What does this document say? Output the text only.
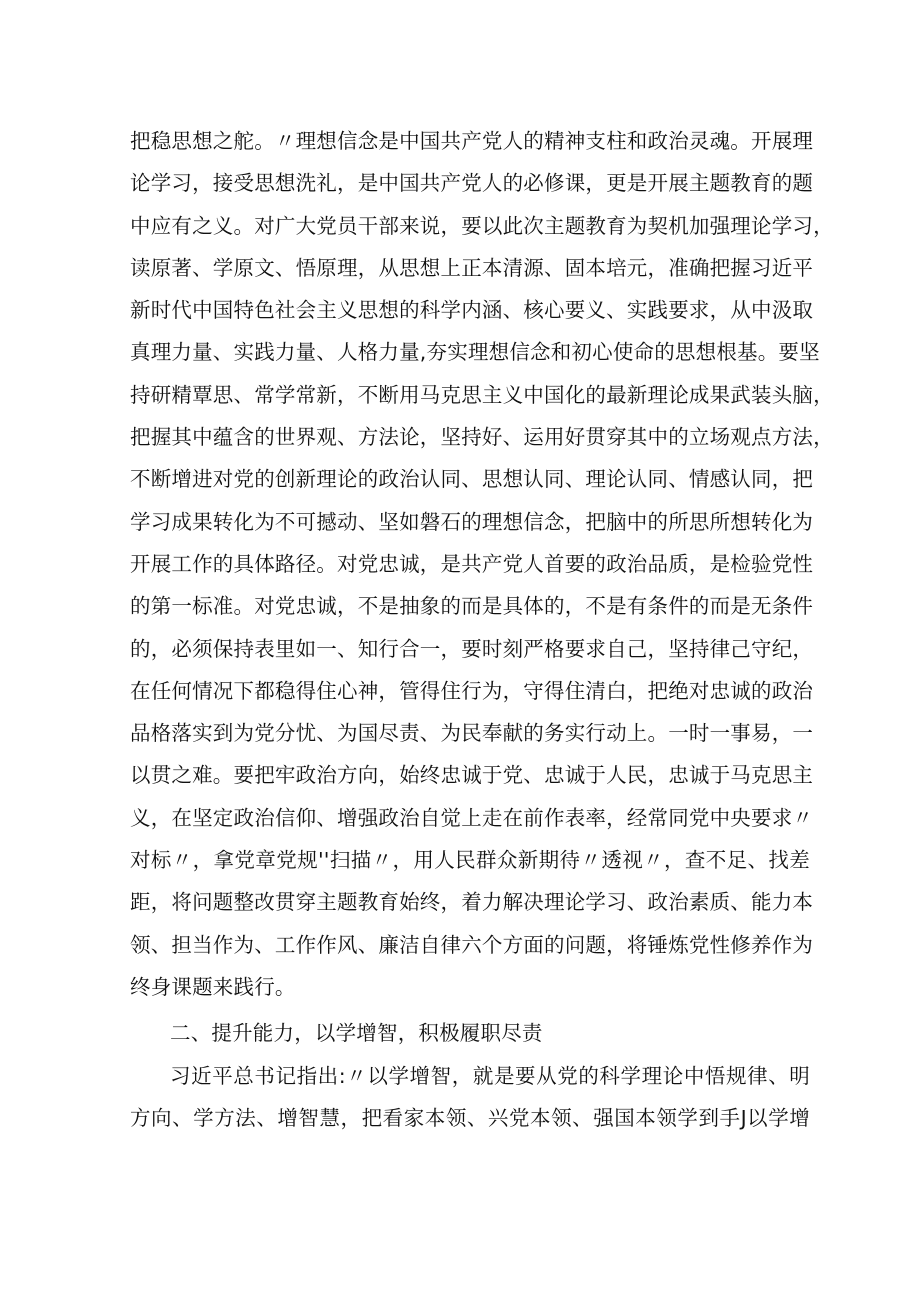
把稳思想之舵。〃理想信念是中国共产党人的精神支柱和政治灵魂。开展理
论学习，接受思想洗礼，是中国共产党人的必修课，更是开展主题教育的题
中应有之义。对广大党员干部来说，要以此次主题教育为契机加强理论学习，
读原著、学原文、悟原理，从思想上正本清源、固本培元，准确把握习近平
新时代中国特色社会主义思想的科学内涵、核心要义、实践要求，从中汲取
真理力量、实践力量、人格力量,夯实理想信念和初心使命的思想根基。要坚
持研精覃思、常学常新，不断用马克思主义中国化的最新理论成果武装头脑，
把握其中蕴含的世界观、方法论，坚持好、运用好贯穿其中的立场观点方法，
不断增进对党的创新理论的政治认同、思想认同、理论认同、情感认同，把
学习成果转化为不可撼动、坚如磐石的理想信念，把脑中的所思所想转化为
开展工作的具体路径。对党忠诚，是共产党人首要的政治品质，是检验党性
的第一标准。对党忠诚，不是抽象的而是具体的，不是有条件的而是无条件
的，必须保持表里如一、知行合一，要时刻严格要求自己，坚持律己守纪，
在任何情况下都稳得住心神，管得住行为，守得住清白，把绝对忠诚的政治
品格落实到为党分忧、为国尽责、为民奉献的务实行动上。一时一事易，一
以贯之难。要把牢政治方向，始终忠诚于党、忠诚于人民，忠诚于马克思主
义，在坚定政治信仰、增强政治自觉上走在前作表率，经常同党中央要求〃
对标〃，拿党章党规''扫描〃，用人民群众新期待〃透视〃，查不足、找差
距，将问题整改贯穿主题教育始终，着力解决理论学习、政治素质、能力本
领、担当作为、工作作风、廉洁自律六个方面的问题，将锤炼党性修养作为
终身课题来践行。
二、提升能力，以学增智，积极履职尽责
习近平总书记指出:〃以学增智，就是要从党的科学理论中悟规律、明
方向、学方法、增智慧，把看家本领、兴党本领、强国本领学到手J以学增
